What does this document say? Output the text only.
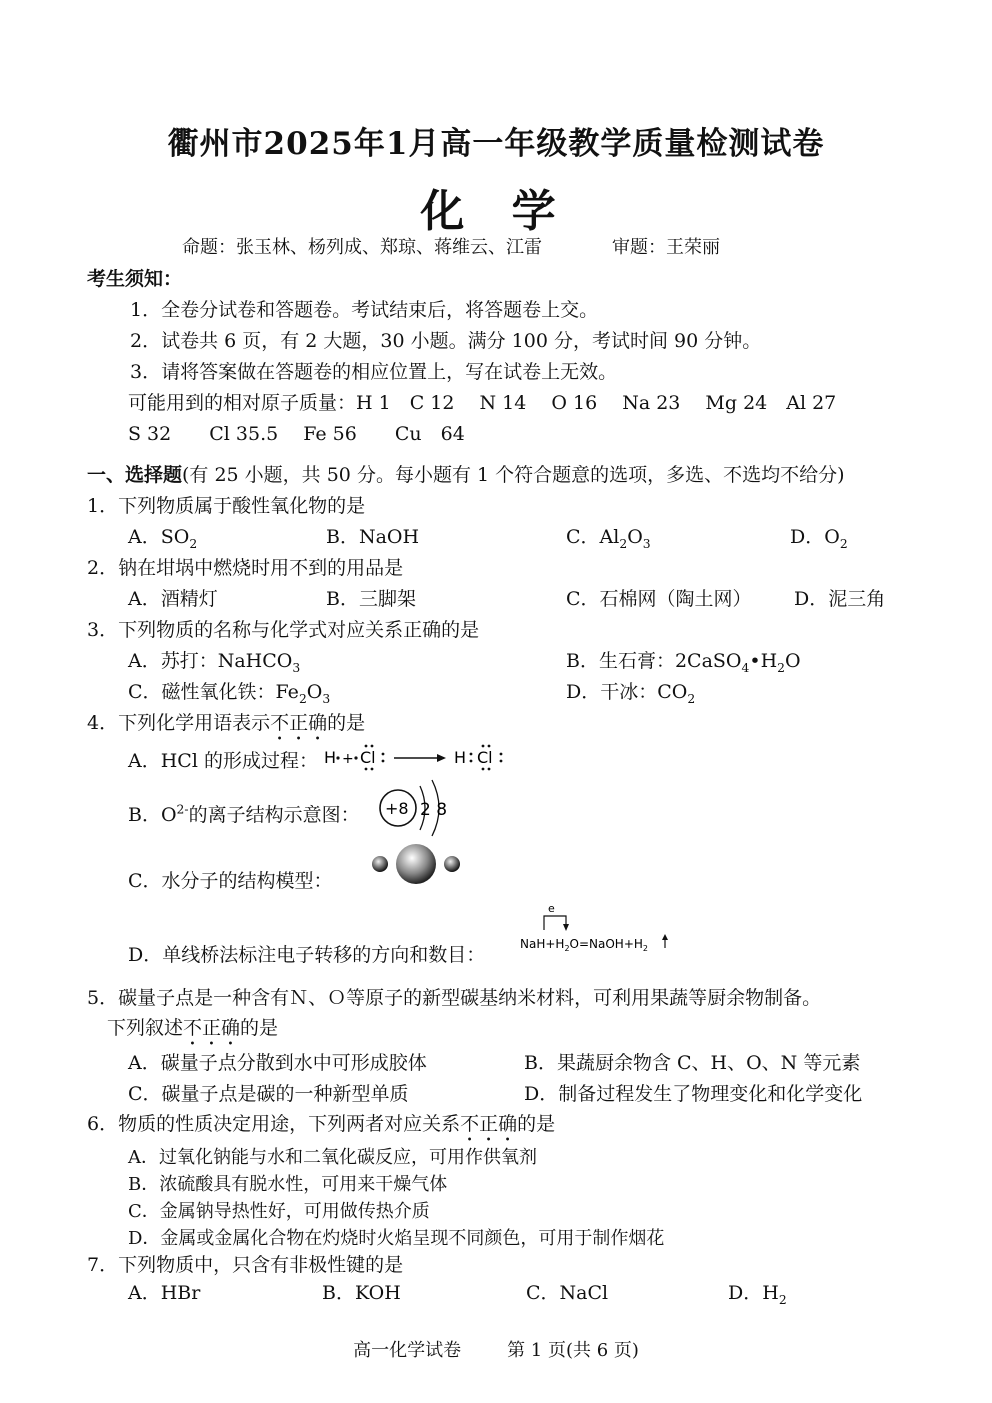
衢州市2025年1月高一年级教学质量检测试卷
化 学
命题：张玉林、杨列成、郑琼、蒋维云、江雷	审题：王荣丽
考生须知：
1．全卷分试卷和答题卷。考试结束后，将答题卷上交。
2．试卷共 6 页，有 2 大题，30 小题。满分 100 分，考试时间 90 分钟。
3．请将答案做在答题卷的相应位置上，写在试卷上无效。
可能用到的相对原子质量：H 1　C 12　 N 14　 O 16　 Na 23　 Mg 24　Al 27
S 32　　Cl 35.5　 Fe 56　　Cu　64
一、选择题(有 25 小题，共 50 分。每小题有 1 个符合题意的选项，多选、不选均不给分)
1．下列物质属于酸性氧化物的是
A．$SO_2$	B．NaOH	C．$Al_2O_3$	D．$O_2$
2．钠在坩埚中燃烧时用不到的用品是
A．酒精灯	B．三脚架	C．石棉网（陶土网） D．泥三角
3．下列物质的名称与化学式对应关系正确的是
A．苏打：NaHCO$_3$	B．生石膏：$2CaSO_4•H_2O$
C．磁性氧化铁：$Fe_2O_3$	D．干冰：$CO_2$
4．下列化学用语表示不正确的是
A．HCl 的形成过程： H + Cl	H Cl
B．$O^{2-}$的离子结构示意图： +8 2 8
C．水分子的结构模型：
D．单线桥法标注电子转移的方向和数目：
e
$NaH+H_2O=NaOH+H_2$
5．碳量子点是一种含有Ｎ、Ｏ等原子的新型碳基纳米材料，可利用果蔬等厨余物制备。
下列叙述不正确的是
A．碳量子点分散到水中可形成胶体	B．果蔬厨余物含 C、H、O、N 等元素
C．碳量子点是碳的一种新型单质	D．制备过程发生了物理变化和化学变化
6．物质的性质决定用途，下列两者对应关系不正确的是
A．过氧化钠能与水和二氧化碳反应，可用作供氧剂
B．浓硫酸具有脱水性，可用来干燥气体
C．金属钠导热性好，可用做传热介质
D．金属或金属化合物在灼烧时火焰呈现不同颜色，可用于制作烟花
7．下列物质中，只含有非极性键的是
A．HBr	B．KOH	C．NaCl	D．$H_2$
高一化学试卷	第 1 页(共 6 页)
